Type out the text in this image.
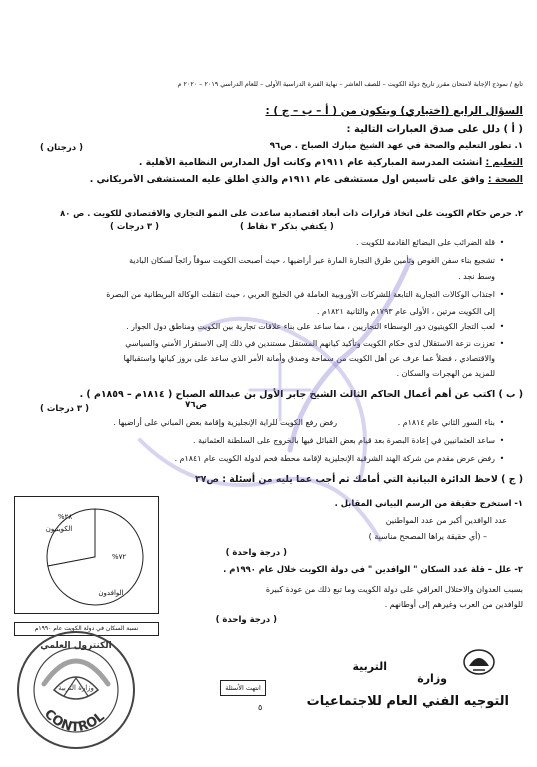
تابع / نموذج الإجابة لامتحان مقرر تاريخ دولة الكويت – للصف العاشر – نهاية الفترة الدراسية الأولى – للعام الدراسي ٢٠١٩ – ٢٠٢٠ م
السؤال الرابع (اختياري) ويتكون من ( أ – ب – ج ) :
( أ ) دلل على صدق العبارات التالية :
١. تطور التعليم والصحة في عهد الشيخ مبارك الصباح . ص٩٦
( درجتان )
التعليم : أنشئت المدرسة المباركية عام ١٩١١م وكانت أول المدارس النظامية الأهلية .
الصحة : وافق على تأسيس أول مستشفى عام ١٩١١م والذي أطلق عليه المستشفى الأمريكاني .
٢. حرص حكام الكويت على اتخاذ قرارات ذات أبعاد اقتصادية ساعدت على النمو التجاري والاقتصادي للكويت . ص ٨٠
( يكتفي بذكر ٣ نقاط )
( ٣ درجات )
• قلة الضرائب على البضائع القادمة للكويت .
• تشجيع بناء سفن الغوص وتأمين طرق التجارة المارة عبر أراضيها ، حيث أصبحت الكويت سوقاً رائجاً لسكان البادية
وسط نجد .
• اجتذاب الوكالات التجارية التابعة للشركات الأوروبية العاملة في الخليج العربي ، حيث انتقلت الوكالة البريطانية من البصرة
إلى الكويت مرتين ، الأولى عام ١٧٩٣م والثانية ١٨٢١م .
• لعب التجار الكويتيون دور الوسطاء التجاريين ، مما ساعد على بناء علاقات تجارية بين الكويت ومناطق دول الجوار .
• تعززت نزعة الاستقلال لدى حكام الكويت وتأكيد كيانهم المستقل مستندين في ذلك إلى الاستقرار الأمني والسياسي
والاقتصادي ، فضلاً عما عرف عن أهل الكويت من سماحة وصدق وأمانة الأمر الذي ساعد على بروز كيانها واستقبالها
للمزيد من الهجرات والسكان .
( ب ) اكتب عن أهم أعمال الحاكم الثالث الشيخ جابر الأول بن عبدالله الصباح ( ١٨١٤م – ١٨٥٩م ) .
ص٧٦
( ٣ درجات )
• بناء السور الثاني عام ١٨١٤م .
رفض رفع الكويت للراية الإنجليزية وإقامة بعض المباني على أراضيها .
• ساعد العثمانيين في إعادة البصرة بعد قيام بعض القبائل فيها بالخروج على السلطنة العثمانية .
• رفض عرض مقدم من شركة الهند الشرقية الإنجليزية لإقامة محطة فحم لدولة الكويت عام ١٨٤١م .
( ج ) لاحظ الدائرة البيانية التي أمامك ثم أجب عما يليه من أسئلة : ص٣٧
١- استخرج حقيقة من الرسم البياني المقابل .
عدد الوافدين أكبر من عدد المواطنين
– (أي حقيقة يراها المصحح مناسبة )
( درجة واحدة )
٢- علل – قلة عدد السكان " الوافدين " في دولة الكويت خلال عام ١٩٩٠م .
بسبب العدوان والاحتلال العراقي على دولة الكويت وما تبع ذلك من عودة كبيرة
للوافدين من العرب وغيرهم إلى أوطانهم .
( درجة واحدة )
%٢٨
الكويتيون
%٧٢
الوافدون
نسبة السكان في دولة الكويت عام ١٩٩٠م
انتهت الأسئلة
٥
وزارة
التربية
التوجيه الفني العام للاجتماعيات
CONTROL
الكنترول العلمي
وزارة التربية
